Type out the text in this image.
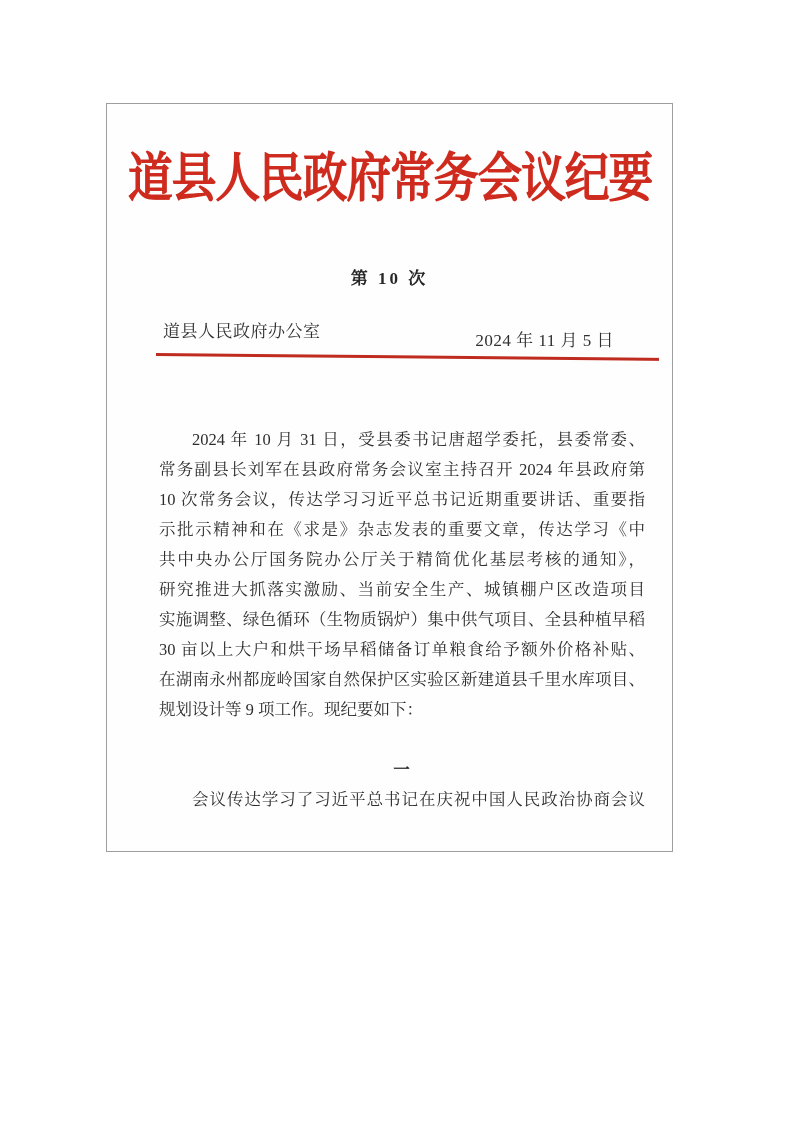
道县人民政府常务会议纪要
第 10 次
道县人民政府办公室	2024 年 11 月 5 日
2024 年 10 月 31 日，受县委书记唐超学委托，县委常委、
常务副县长刘军在县政府常务会议室主持召开 2024 年县政府第
10 次常务会议，传达学习习近平总书记近期重要讲话、重要指
示批示精神和在《求是》杂志发表的重要文章，传达学习《中
共中央办公厅国务院办公厅关于精简优化基层考核的通知》，
研究推进大抓落实激励、当前安全生产、城镇棚户区改造项目
实施调整、绿色循环（生物质锅炉）集中供气项目、全县种植早稻
30 亩以上大户和烘干场早稻储备订单粮食给予额外价格补贴、
在湖南永州都庞岭国家自然保护区实验区新建道县千里水库项目、
规划设计等 9 项工作。现纪要如下：
一
会议传达学习了习近平总书记在庆祝中国人民政治协商会议
